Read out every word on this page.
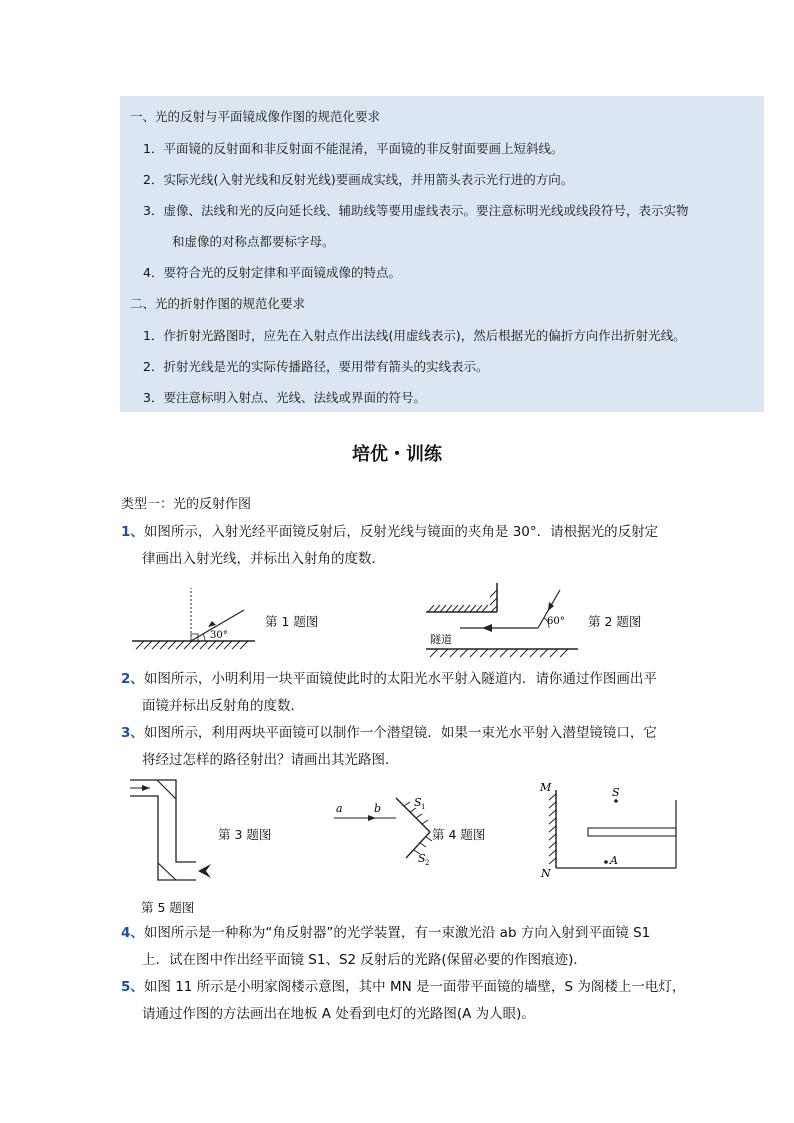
一、光的反射与平面镜成像作图的规范化要求
1．平面镜的反射面和非反射面不能混淆，平面镜的非反射面要画上短斜线。
2．实际光线(入射光线和反射光线)要画成实线，并用箭头表示光行进的方向。
3．虚像、法线和光的反向延长线、辅助线等要用虚线表示。要注意标明光线或线段符号，表示实物
和虚像的对称点都要标字母。
4．要符合光的反射定律和平面镜成像的特点。
二、光的折射作图的规范化要求
1．作折射光路图时，应先在入射点作出法线(用虚线表示)，然后根据光的偏折方向作出折射光线。
2．折射光线是光的实际传播路径，要用带有箭头的实线表示。
3．要注意标明入射点、光线、法线或界面的符号。
培优・训练
类型一：光的反射作图
1、如图所示，入射光经平面镜反射后，反射光线与镜面的夹角是 30°．请根据光的反射定
律画出入射光线，并标出入射角的度数．
30°
第 1 题图	60°
隧道
第 2 题图
2、如图所示，小明利用一块平面镜使此时的太阳光水平射入隧道内．请你通过作图画出平
面镜并标出反射角的度数．
3、如图所示，利用两块平面镜可以制作一个潜望镜．如果一束光水平射入潜望镜镜口，它
将经过怎样的路径射出？请画出其光路图．
第 3 题图
a	b	S 1
S 2
第 4 题图
M
N
S
A
第 5 题图
4、如图所示是一种称为“角反射器”的光学装置，有一束激光沿 ab 方向入射到平面镜 S1
上．试在图中作出经平面镜 S1、S2 反射后的光路(保留必要的作图痕迹)．
5、如图 11 所示是小明家阁楼示意图，其中 MN 是一面带平面镜的墙壁，S 为阁楼上一电灯，
请通过作图的方法画出在地板 A 处看到电灯的光路图(A 为人眼)。
